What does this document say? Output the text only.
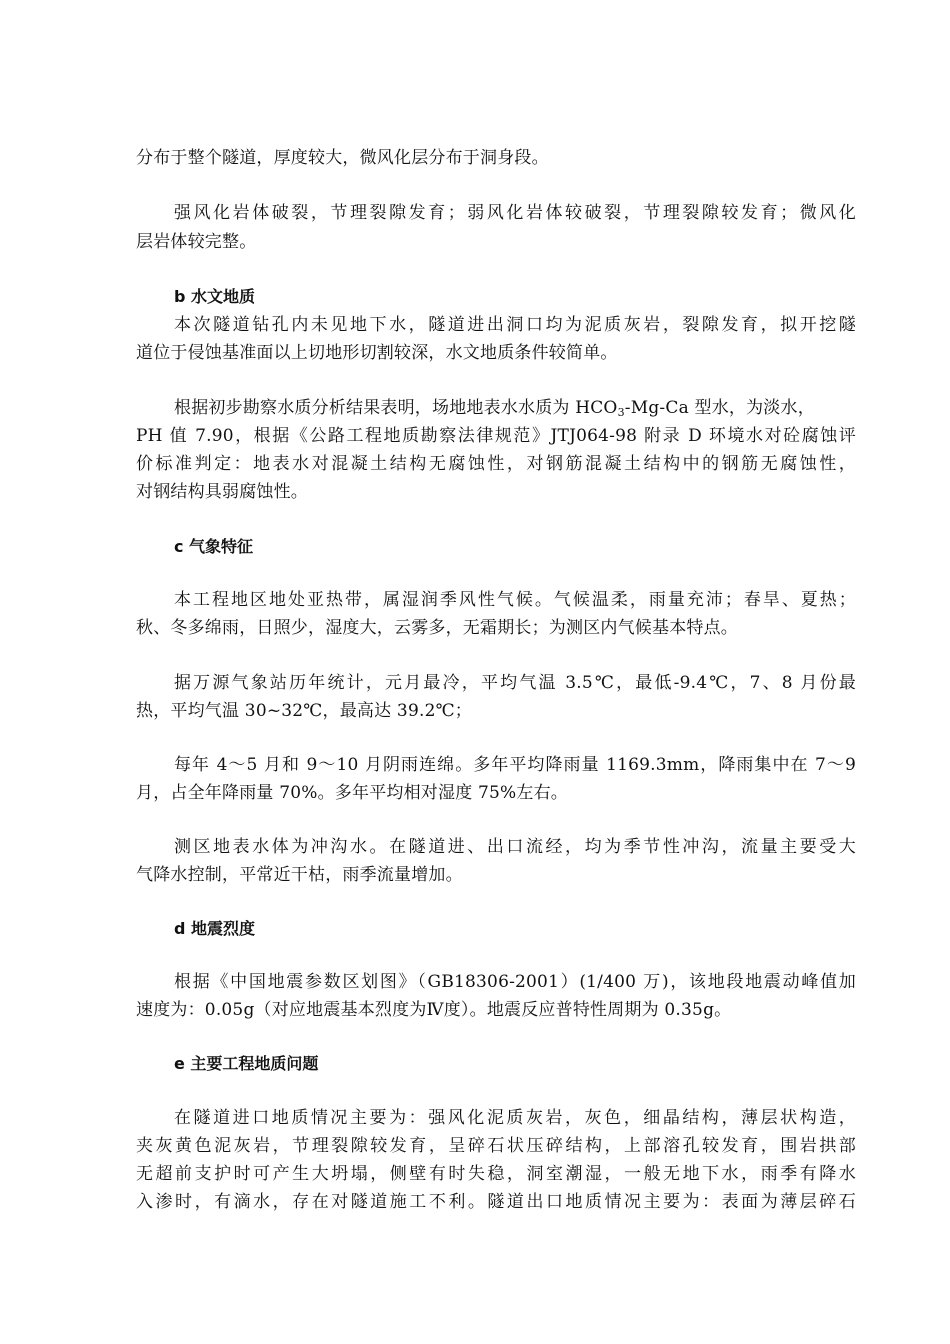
分布于整个隧道，厚度较大，微风化层分布于洞身段。
强风化岩体破裂，节理裂隙发育；弱风化岩体较破裂，节理裂隙较发育；微风化
层岩体较完整。
b 水文地质
本次隧道钻孔内未见地下水，隧道进出洞口均为泥质灰岩，裂隙发育，拟开挖隧
道位于侵蚀基准面以上切地形切割较深，水文地质条件较简单。
根据初步勘察水质分析结果表明，场地地表水水质为 $HCO_3-Mg-Ca$ 型水，为淡水，
PH 值 7.90，根据《公路工程地质勘察法律规范》JTJ064-98 附录 D 环境水对砼腐蚀评
价标准判定：地表水对混凝土结构无腐蚀性，对钢筋混凝土结构中的钢筋无腐蚀性，
对钢结构具弱腐蚀性。
c 气象特征
本工程地区地处亚热带，属湿润季风性气候。气候温柔，雨量充沛；春旱、夏热；
秋、冬多绵雨，日照少，湿度大，云雾多，无霜期长；为测区内气候基本特点。
据万源气象站历年统计，元月最冷，平均气温 3.5℃，最低-9.4℃，7、8 月份最
热，平均气温 30~32℃，最高达 39.2℃；
每年 4～5 月和 9～10 月阴雨连绵。多年平均降雨量 1169.3mm，降雨集中在 7～9
月，占全年降雨量 70%。多年平均相对湿度 75%左右。
测区地表水体为冲沟水。在隧道进、出口流经，均为季节性冲沟，流量主要受大
气降水控制，平常近干枯，雨季流量增加。
d 地震烈度
根据《中国地震参数区划图》（GB18306-2001）(1/400 万)，该地段地震动峰值加
速度为：0.05g（对应地震基本烈度为Ⅳ度）。地震反应普特性周期为 0.35g。
e 主要工程地质问题
在隧道进口地质情况主要为：强风化泥质灰岩，灰色，细晶结构，薄层状构造，
夹灰黄色泥灰岩，节理裂隙较发育，呈碎石状压碎结构，上部溶孔较发育，围岩拱部
无超前支护时可产生大坍塌，侧壁有时失稳，洞室潮湿，一般无地下水，雨季有降水
入渗时，有滴水，存在对隧道施工不利。隧道出口地质情况主要为：表面为薄层碎石
